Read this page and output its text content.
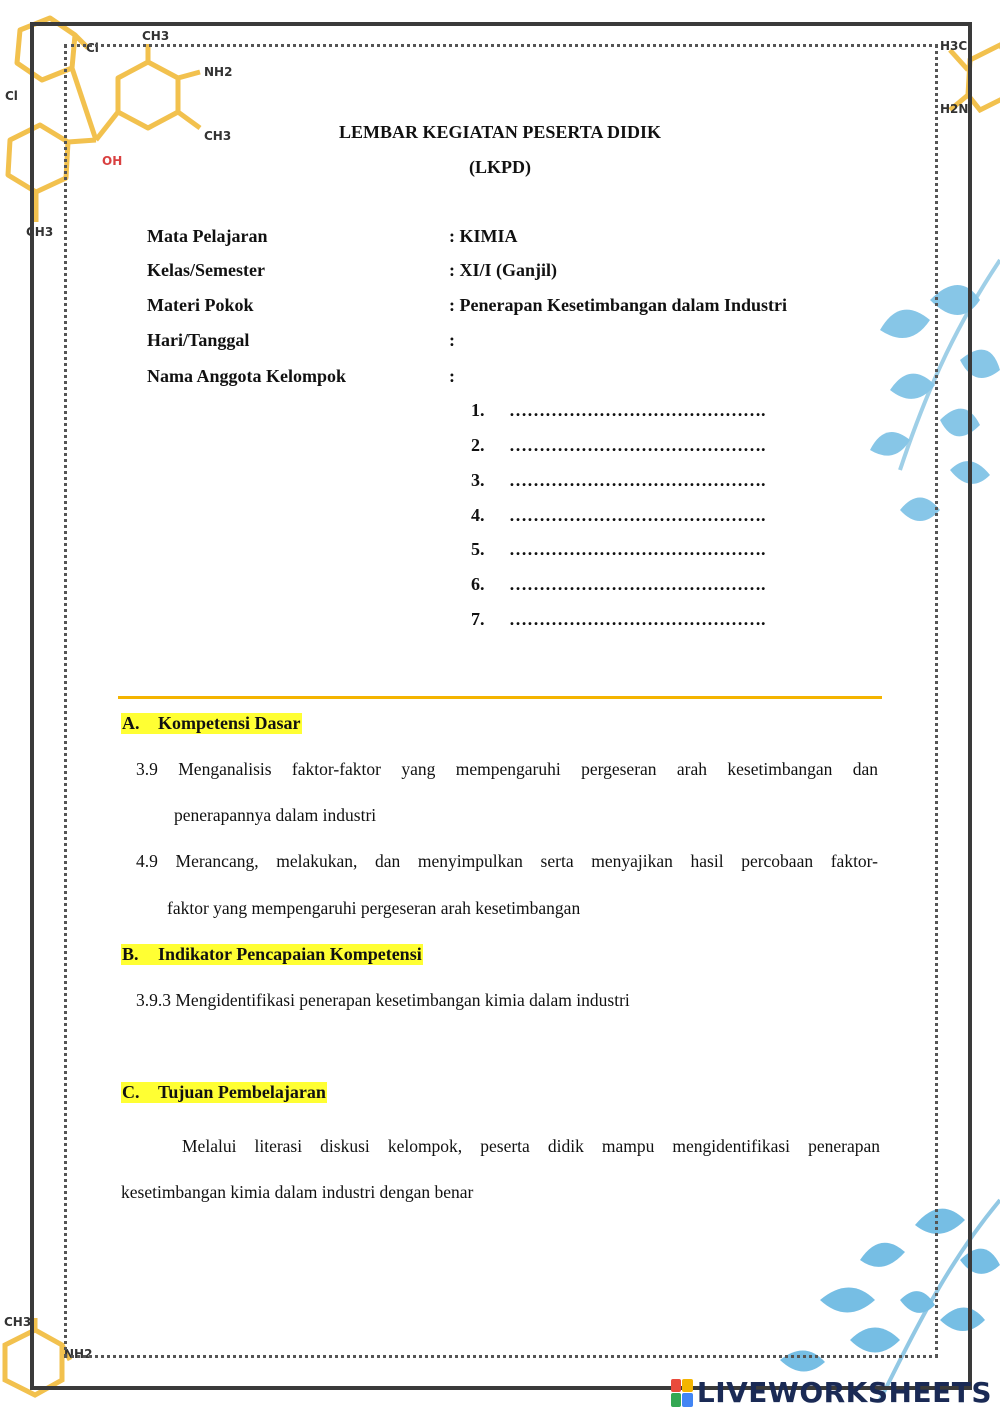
CH3
Cl
Cl
NH2
CH3
OH
CH3
H3C
H2N
CH3
NH2
LEMBAR KEGIATAN PESERTA DIDIK
(LKPD)
Mata Pelajaran	: KIMIA
Kelas/Semester	: XI/I (Ganjil)
Materi Pokok	: Penerapan Kesetimbangan dalam Industri
Hari/Tanggal	:
Nama Anggota Kelompok	:
1. …………………………………….
2. …………………………………….
3. …………………………………….
4. …………………………………….
5. …………………………………….
6. …………………………………….
7. …………………………………….
A. Kompetensi Dasar
3.9 Menganalisis faktor-faktor yang mempengaruhi pergeseran arah kesetimbangan dan
penerapannya dalam industri
4.9 Merancang, melakukan, dan menyimpulkan serta menyajikan hasil percobaan faktor-
faktor yang mempengaruhi pergeseran arah kesetimbangan
B. Indikator Pencapaian Kompetensi
3.9.3 Mengidentifikasi penerapan kesetimbangan kimia dalam industri
C. Tujuan Pembelajaran
Melalui literasi diskusi kelompok, peserta didik mampu mengidentifikasi penerapan
kesetimbangan kimia dalam industri dengan benar
LIVEWORKSHEETS
